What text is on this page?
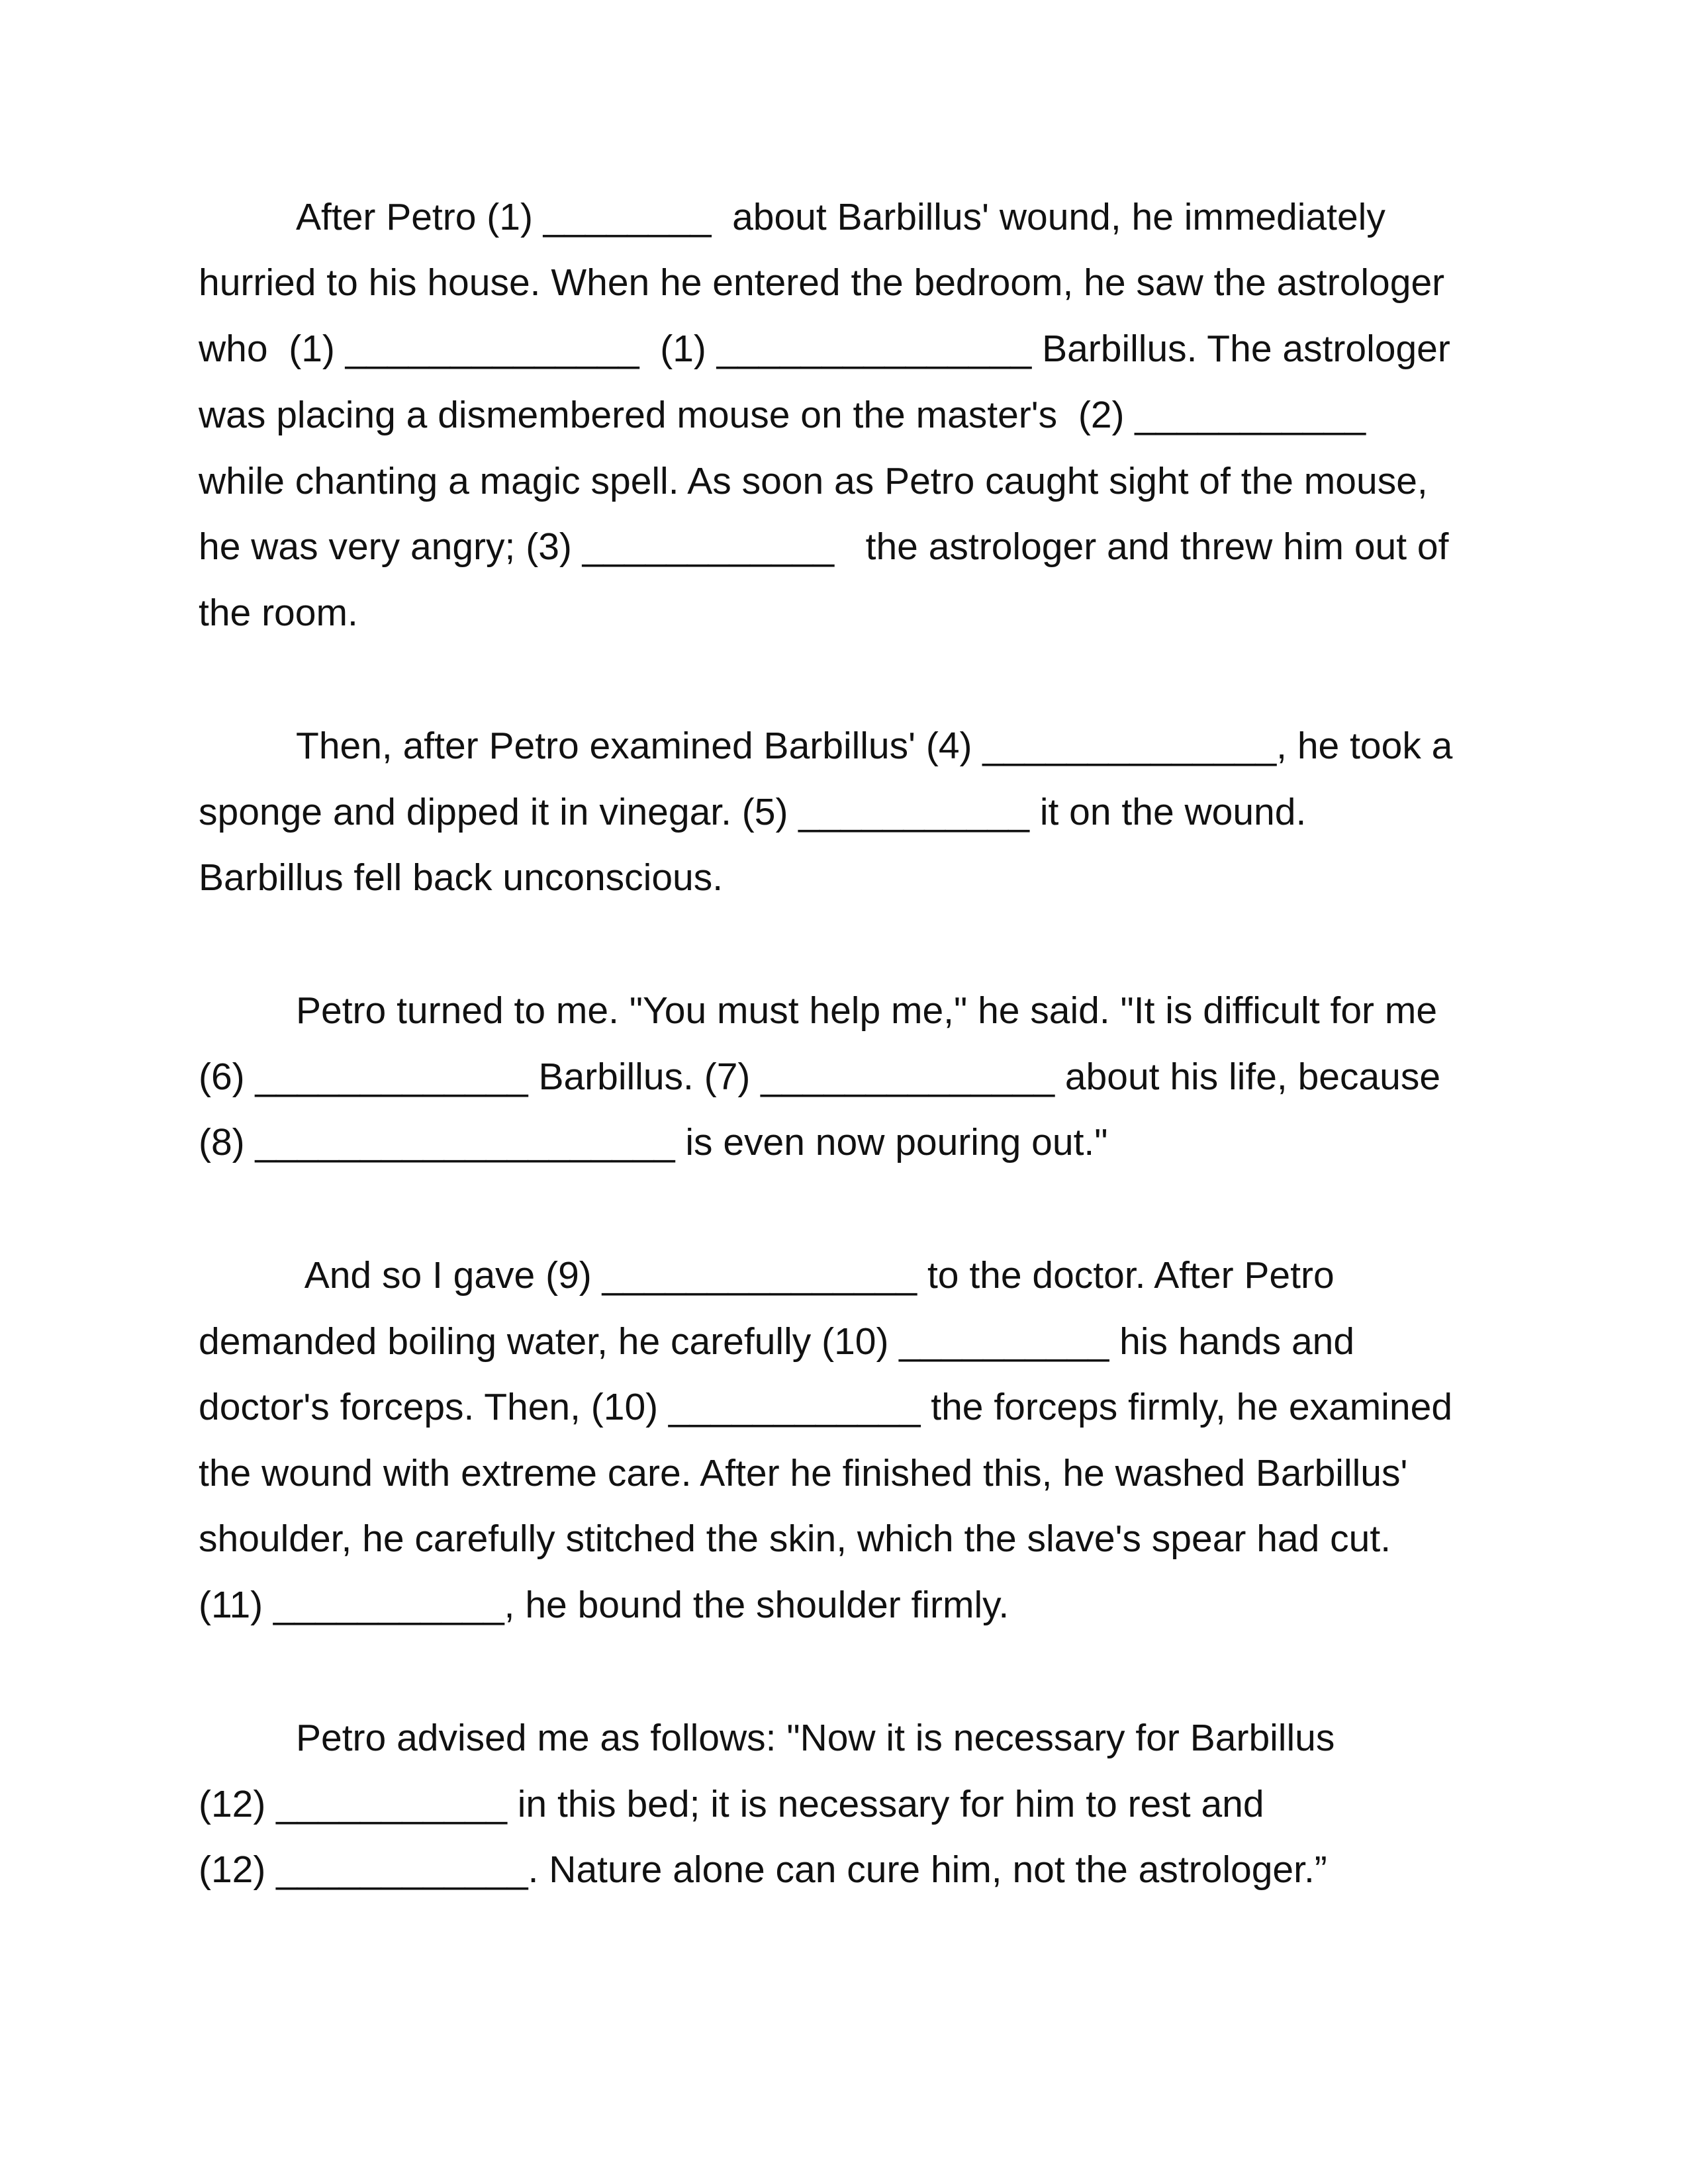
After Petro (1) ________  about Barbillus' wound, he immediately

hurried to his house. When he entered the bedroom, he saw the astrologer

who  (1) ______________  (1) _______________ Barbillus. The astrologer

was placing a dismembered mouse on the master's  (2) ___________

while chanting a magic spell. As soon as Petro caught sight of the mouse,

he was very angry; (3) ____________   the astrologer and threw him out of

the room.

Then, after Petro examined Barbillus' (4) ______________, he took a

sponge and dipped it in vinegar. (5) ___________ it on the wound.

Barbillus fell back unconscious.

Petro turned to me. "You must help me," he said. "It is difficult for me

(6) _____________ Barbillus. (7) ______________ about his life, because

(8) ____________________ is even now pouring out."

And so I gave (9) _______________ to the doctor. After Petro

demanded boiling water, he carefully (10) __________ his hands and

doctor's forceps. Then, (10) ____________ the forceps firmly, he examined

the wound with extreme care. After he finished this, he washed Barbillus'

shoulder, he carefully stitched the skin, which the slave's spear had cut.

(11) ___________, he bound the shoulder firmly.

Petro advised me as follows: "Now it is necessary for Barbillus

(12) ___________ in this bed; it is necessary for him to rest and

(12) ____________. Nature alone can cure him, not the astrologer.”
